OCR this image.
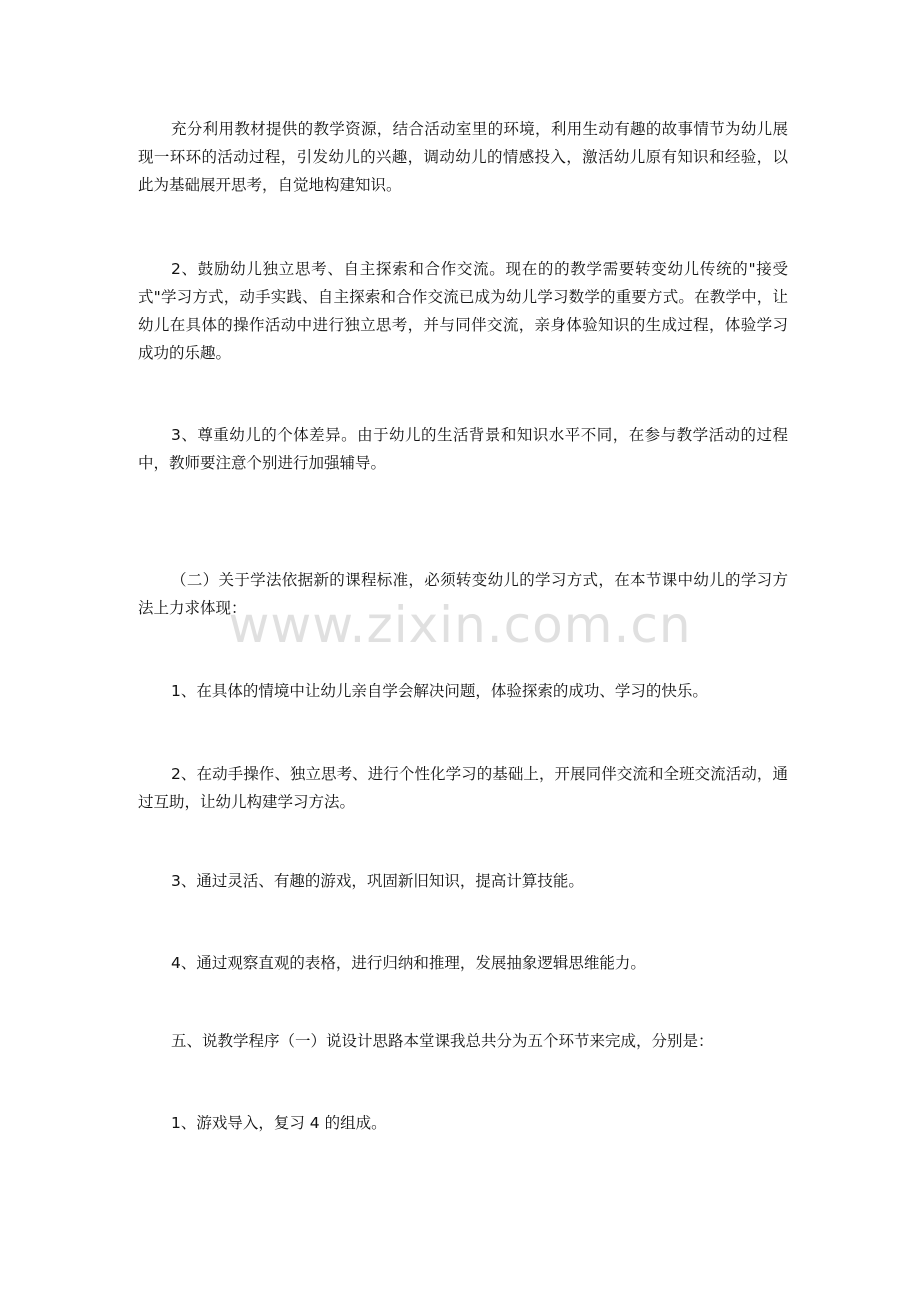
充分利用教材提供的教学资源，结合活动室里的环境，利用生动有趣的故事情节为幼儿展现一环环的活动过程，引发幼儿的兴趣，调动幼儿的情感投入，激活幼儿原有知识和经验，以此为基础展开思考，自觉地构建知识。

2、鼓励幼儿独立思考、自主探索和合作交流。现在的的教学需要转变幼儿传统的"接受式"学习方式，动手实践、自主探索和合作交流已成为幼儿学习数学的重要方式。在教学中，让幼儿在具体的操作活动中进行独立思考，并与同伴交流，亲身体验知识的生成过程，体验学习成功的乐趣。

3、尊重幼儿的个体差异。由于幼儿的生活背景和知识水平不同，在参与教学活动的过程中，教师要注意个别进行加强辅导。

（二）关于学法依据新的课程标准，必须转变幼儿的学习方式，在本节课中幼儿的学习方法上力求体现：

1、在具体的情境中让幼儿亲自学会解决问题，体验探索的成功、学习的快乐。

2、在动手操作、独立思考、进行个性化学习的基础上，开展同伴交流和全班交流活动，通过互助，让幼儿构建学习方法。

3、通过灵活、有趣的游戏，巩固新旧知识，提高计算技能。

4、通过观察直观的表格，进行归纳和推理，发展抽象逻辑思维能力。

五、说教学程序（一）说设计思路本堂课我总共分为五个环节来完成，分别是：

1、游戏导入，复习 4 的组成。

www.zixin.com.cn
